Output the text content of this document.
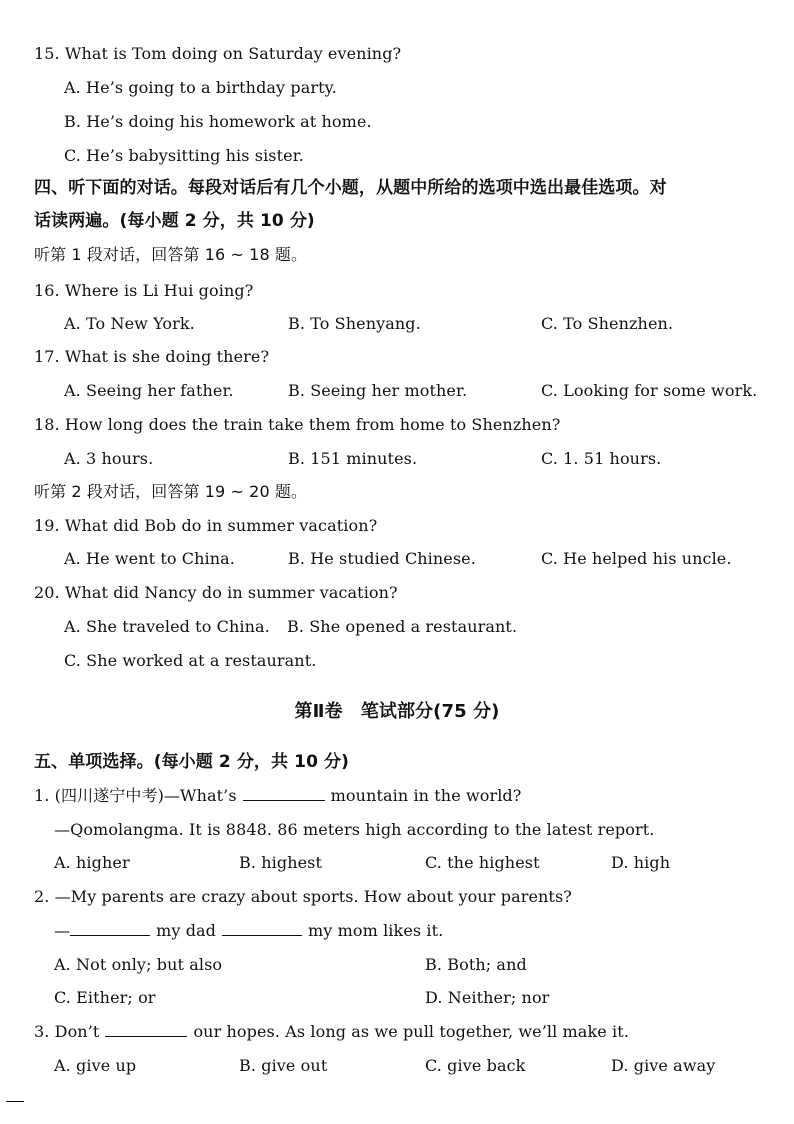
15. What is Tom doing on Saturday evening?
A. He’s going to a birthday party.
B. He’s doing his homework at home.
C. He’s babysitting his sister.
四、听下面的对话。每段对话后有几个小题，从题中所给的选项中选出最佳选项。对
话读两遍。(每小题 2 分，共 10 分)
听第 1 段对话，回答第 16 ~ 18 题。
16. Where is Li Hui going?
A. To New York.	B. To Shenyang.	C. To Shenzhen.
17. What is she doing there?
A. Seeing her father.	B. Seeing her mother.	C. Looking for some work.
18. How long does the train take them from home to Shenzhen?
A. 3 hours.	B. 151 minutes.	C. 1. 51 hours.
听第 2 段对话，回答第 19 ~ 20 题。
19. What did Bob do in summer vacation?
A. He went to China.	B. He studied Chinese.	C. He helped his uncle.
20. What did Nancy do in summer vacation?
A. She traveled to China. B. She opened a restaurant.
C. She worked at a restaurant.
第Ⅱ卷　笔试部分(75 分)
五、单项选择。(每小题 2 分，共 10 分)
1. (四川遂宁中考)—What’s	mountain in the world?
—Qomolangma. It is 8848. 86 meters high according to the latest report.
A. higher	B. highest	C. the highest	D. high
2. —My parents are crazy about sports. How about your parents?
—	my dad	my mom likes it.
A. Not only; but also	B. Both; and
C. Either; or	D. Neither; nor
3. Don’t	our hopes. As long as we pull together, we’ll make it.
A. give up	B. give out	C. give back	D. give away
